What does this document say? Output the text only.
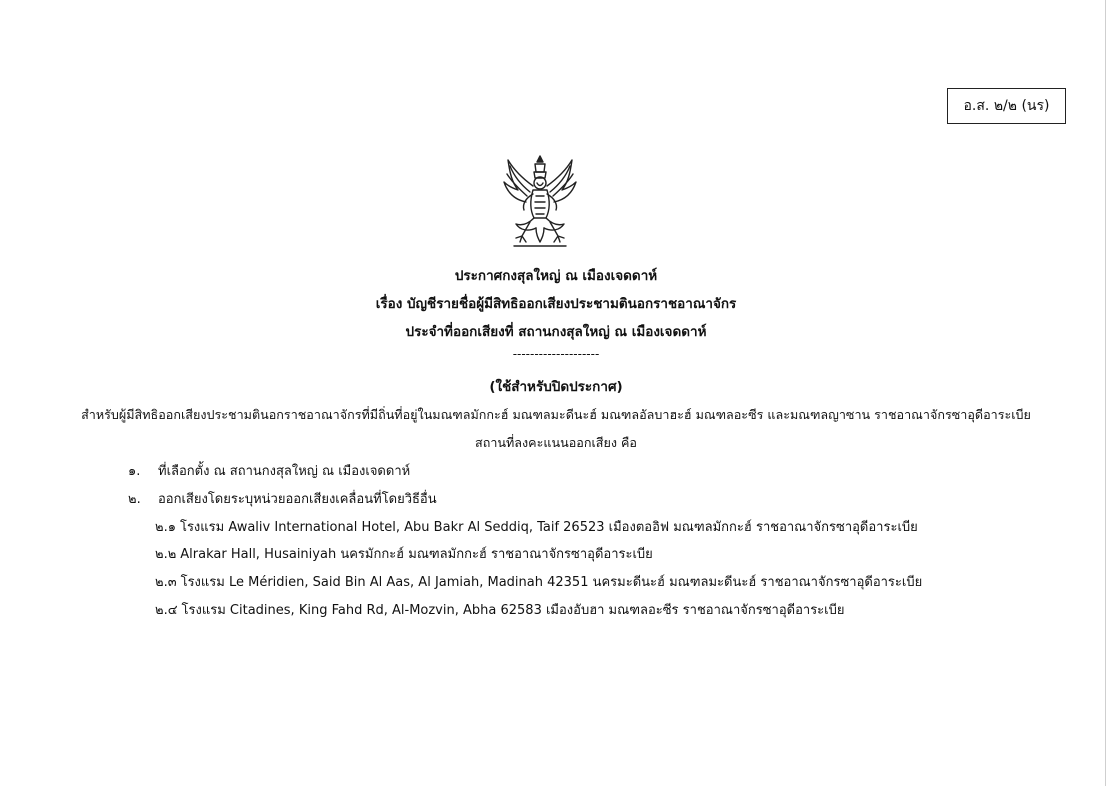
อ.ส. ๒/๒ (นร)
ประกาศกงสุลใหญ่ ณ เมืองเจดดาห์
เรื่อง บัญชีรายชื่อผู้มีสิทธิออกเสียงประชามตินอกราชอาณาจักร
ประจำที่ออกเสียงที่ สถานกงสุลใหญ่ ณ เมืองเจดดาห์
--------------------
(ใช้สำหรับปิดประกาศ)
สำหรับผู้มีสิทธิออกเสียงประชามตินอกราชอาณาจักรที่มีถิ่นที่อยู่ในมณฑลมักกะฮ์ มณฑลมะดีนะฮ์ มณฑลอัลบาฮะฮ์ มณฑลอะซีร และมณฑลญาซาน ราชอาณาจักรซาอุดีอาระเบีย
สถานที่ลงคะแนนออกเสียง คือ
๑. ที่เลือกตั้ง ณ สถานกงสุลใหญ่ ณ เมืองเจดดาห์
๒. ออกเสียงโดยระบุหน่วยออกเสียงเคลื่อนที่โดยวิธีอื่น
๒.๑ โรงแรม Awaliv International Hotel, Abu Bakr Al Seddiq, Taif 26523 เมืองตออิฟ มณฑลมักกะฮ์ ราชอาณาจักรซาอุดีอาระเบีย
๒.๒ Alrakar Hall, Husainiyah นครมักกะฮ์ มณฑลมักกะฮ์ ราชอาณาจักรซาอุดีอาระเบีย
๒.๓ โรงแรม Le Méridien, Said Bin Al Aas, Al Jamiah, Madinah 42351 นครมะดีนะฮ์ มณฑลมะดีนะฮ์ ราชอาณาจักรซาอุดีอาระเบีย
๒.๔ โรงแรม Citadines, King Fahd Rd, Al-Mozvin, Abha 62583 เมืองอับฮา มณฑลอะซีร ราชอาณาจักรซาอุดีอาระเบีย
